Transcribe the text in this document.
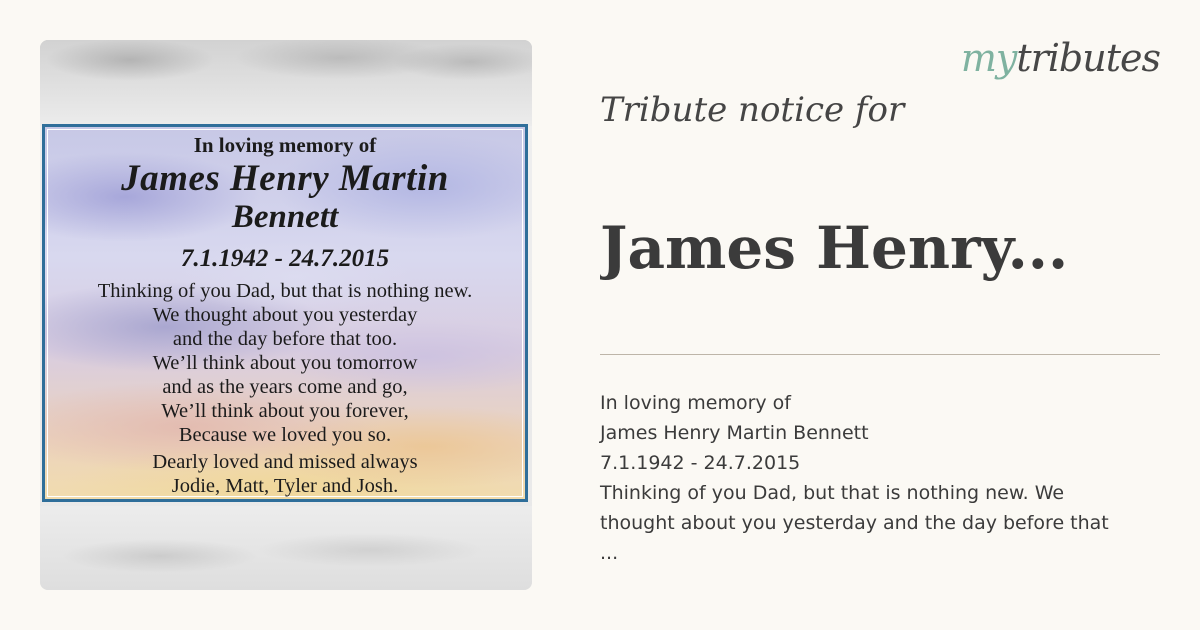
In loving memory of
James Henry Martin
Bennett
7.1.1942 - 24.7.2015
Thinking of you Dad, but that is nothing new.
We thought about you yesterday
and the day before that too.
We’ll think about you tomorrow
and as the years come and go,
We’ll think about you forever,
Because we loved you so.
Dearly loved and missed always
Jodie, Matt, Tyler and Josh.
mytributes
Tribute notice for
James Henry...
In loving memory of
James Henry Martin Bennett
7.1.1942 - 24.7.2015
Thinking of you Dad, but that is nothing new. We
thought about you yesterday and the day before that
...
